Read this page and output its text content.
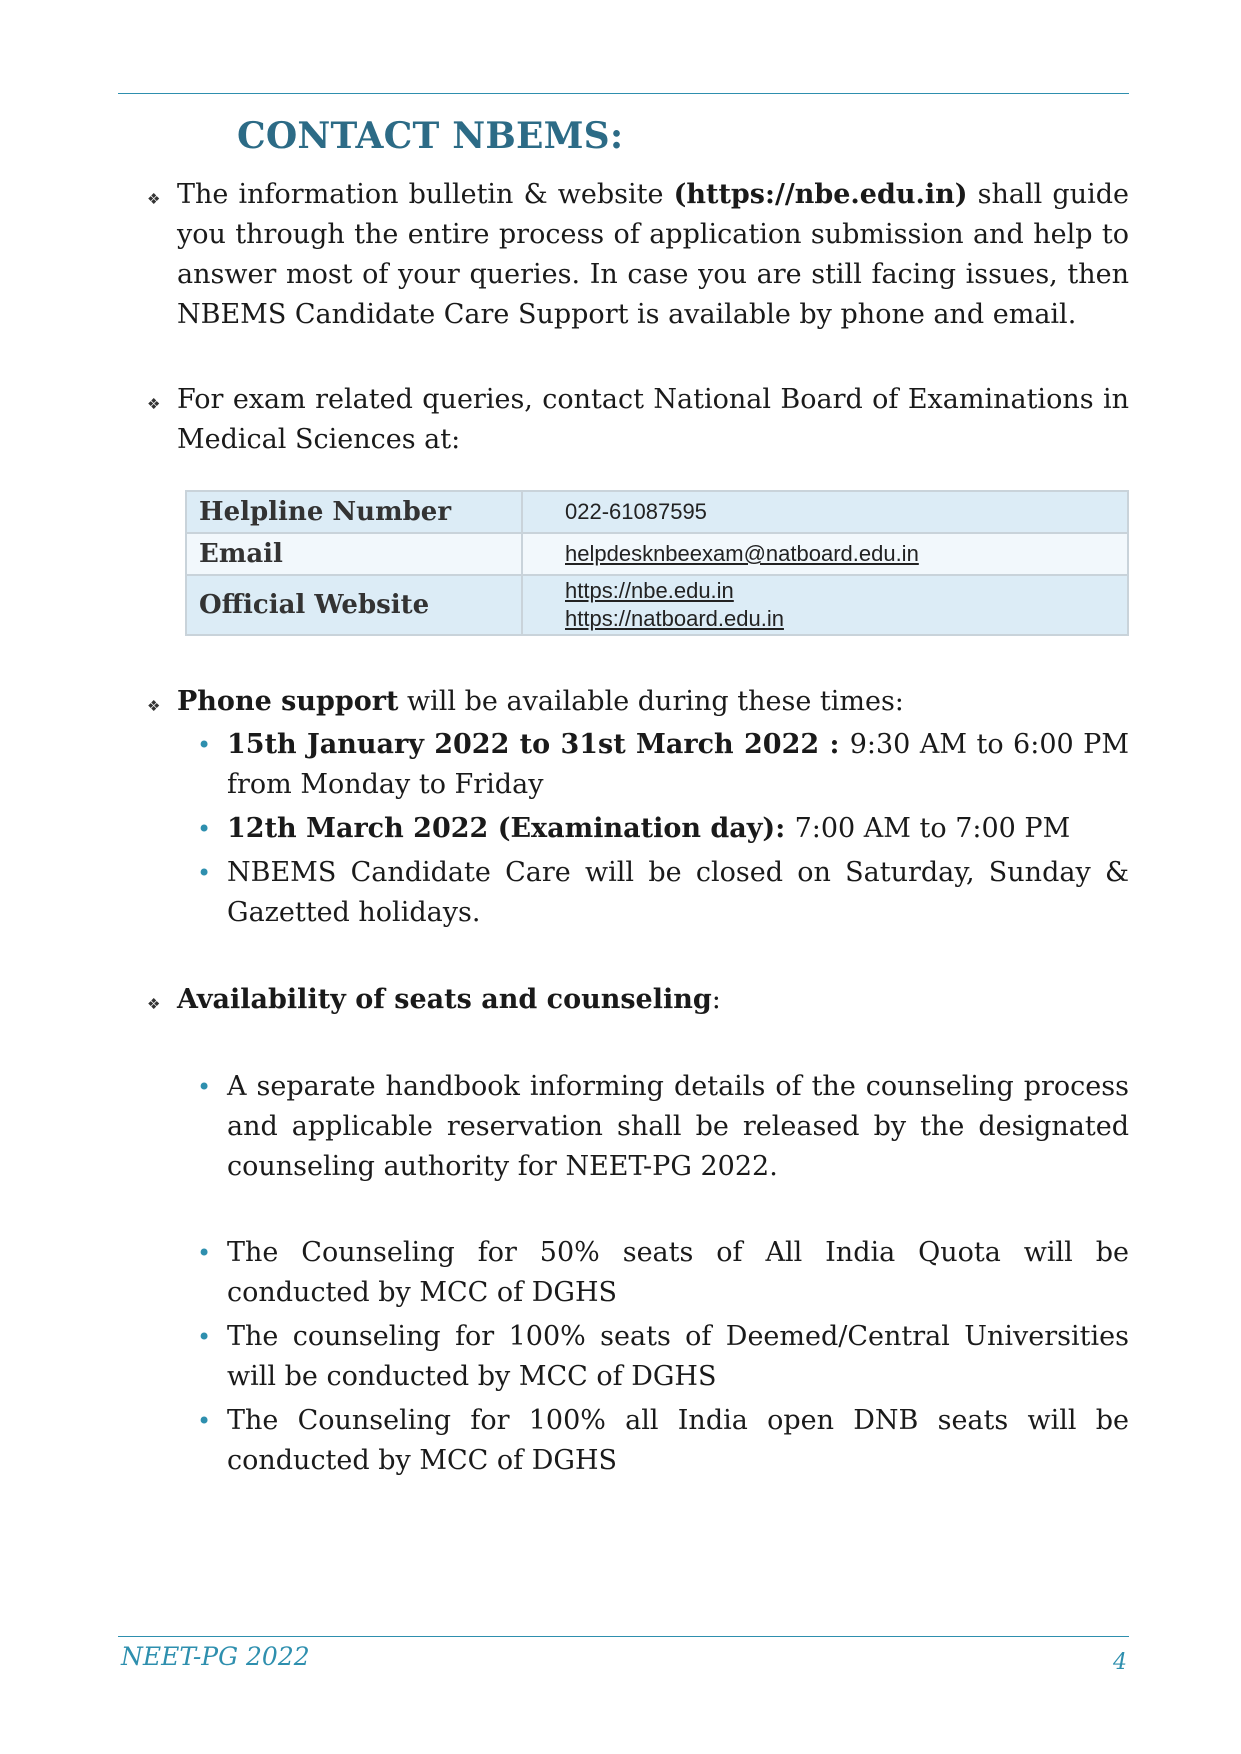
CONTACT NBEMS:
❖ The information bulletin & website (https://nbe.edu.in) shall guide you through the entire process of application submission and help to answer most of your queries. In case you are still facing issues, then NBEMS Candidate Care Support is available by phone and email.
❖ For exam related queries, contact National Board of Examinations in Medical Sciences at:
Helpline Number	022-61087595
Email	helpdesknbeexam@natboard.edu.in

Official Website	https://nbe.edu.in
https://natboard.edu.in
❖ Phone support will be available during these times:
• 15th January 2022 to 31st March 2022 : 9:30 AM to 6:00 PM from Monday to Friday
• 12th March 2022 (Examination day): 7:00 AM to 7:00 PM
• NBEMS Candidate Care will be closed on Saturday, Sunday & Gazetted holidays.
❖ Availability of seats and counseling:
• A separate handbook informing details of the counseling process and applicable reservation shall be released by the designated counseling authority for NEET-PG 2022.
• The Counseling for 50% seats of All India Quota will be conducted by MCC of DGHS
• The counseling for 100% seats of Deemed/Central Universities will be conducted by MCC of DGHS
• The Counseling for 100% all India open DNB seats will be conducted by MCC of DGHS
NEET-PG 2022	4
